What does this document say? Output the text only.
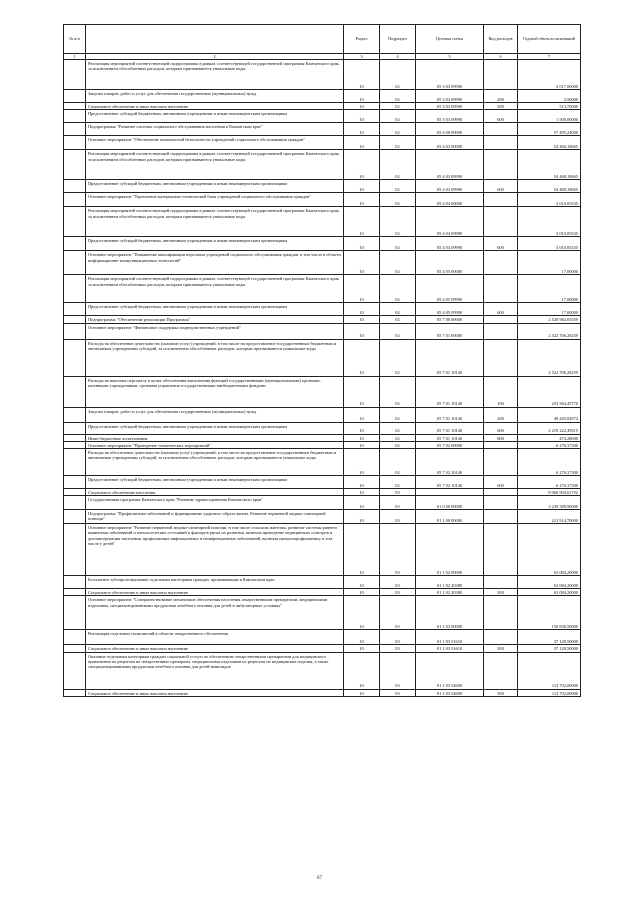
№ п/п		Раздел	Подраздел	Целевая статья	Вид расходов	Годовой объем ассигнований
1	2	3	4	5	6	7
	Реализация мероприятий соответствующей подпрограммы в рамках соответствующей государственной программы Камчатского края, за исключением обособленных расходов, которым присваиваются уникальные коды	10	02	05 3 03 09990		2 017,00000
	Закупка товаров, работ и услуг для обеспечения государственных (муниципальных) нужд	10	02	05 3 03 09990	200	3,50000
	Социальное обеспечение и иные выплаты населению	10	02	05 3 03 09990	300	513,70000
	Предоставление субсидий бюджетным, автономным учреждениям и иным некоммерческим организациям	10	02	05 3 03 09990	600	1 500,00000
	Подпрограмма "Развитие системы социального обслуживания населения в Камчатском крае"	10	02	05 4 00 00000		57 495,24000
	Основное мероприятие "Обеспечение комплексной безопасности учреждений социального обслуживания граждан"	10	02	05 4 03 00000		54 468,18665
	Реализация мероприятий соответствующей подпрограммы в рамках соответствующей государственной программы Камчатского края, за исключением обособленных расходов, которым присваиваются уникальные коды	10	02	05 4 03 09990		54 468,18665
	Предоставление субсидий бюджетным, автономным учреждениям и иным некоммерческим организациям	10	02	05 4 03 09990	600	54 468,18665
	Основное мероприятие "Укрепление материально-технической базы учреждений социального обслуживания граждан"	10	02	05 4 04 00000		3 010,05335
	Реализация мероприятий соответствующей подпрограммы в рамках соответствующей государственной программы Камчатского края, за исключением обособленных расходов, которым присваиваются уникальные коды	10	02	05 4 04 09990		3 010,05335
	Предоставление субсидий бюджетным, автономным учреждениям и иным некоммерческим организациям	10	02	05 4 04 09990	600	3 010,05335
	Основное мероприятие "Повышение квалификации персонала учреждений социального обслуживания граждан, в том числе в области информационно-коммуникационных технологий"	10	02	05 4 05 00000		17,00000
	Реализация мероприятий соответствующей подпрограммы в рамках соответствующей государственной программы Камчатского края, за исключением обособленных расходов, которым присваиваются уникальные коды	10	02	05 4 05 09990		17,00000
	Предоставление субсидий бюджетным, автономным учреждениям и иным некоммерческим организациям	10	02	05 4 05 09990	600	17,00000
	Подпрограмма "Обеспечение реализации Программы"	10	02	05 7 00 00000		2 528 982,65559
	Основное мероприятие "Финансовое поддержка подведомственных учреждений"	10	02	05 7 01 00000		2 522 706,28259
	Расходы на обеспечение деятельности (оказание услуг) учреждений, в том числе на предоставление государственным бюджетным и автономным учреждениям субсидий, за исключением обособленных расходов, которым присваиваются уникальные коды	10	02	05 7 01 10140		2 522 706,28259
	Расходы на выплаты персоналу в целях обеспечения выполнения функций государственными (муниципальными) органами, казенными учреждениями, органами управления государственными внебюджетными фондами	10	02	05 7 01 10140	100	253 564,45770
	Закупка товаров, работ и услуг для обеспечения государственных (муниципальных) нужд	10	02	05 7 01 10140	200	49 445,04974
	Предоставление субсидий бюджетным, автономным учреждениям и иным некоммерческим организациям	10	02	05 7 01 10140	600	2 219 222,49515
	Иные бюджетные ассигнования	10	02	05 7 01 10140	800	474,28000
	Основное мероприятие "Проведение тематических мероприятий"	10	02	05 7 02 00000		6 276,37300
	Расходы на обеспечение деятельности (оказание услуг) учреждений, в том числе на предоставление государственным бюджетным и автономным учреждениям субсидий, за исключением обособленных расходов, которым присваиваются уникальные коды	10	02	05 7 02 10140		6 276,37300
	Предоставление субсидий бюджетным, автономным учреждениям и иным некоммерческим организациям	10	02	05 7 02 10140	600	6 276,37300
	Социальное обеспечение населения	10	03			8 066 904,61752
	Государственная программа Камчатского края "Развитие здравоохранения Камчатского края"	10	03	01 0 00 00000		3 239 589,90000
	Подпрограмма "Профилактика заболеваний и формирование здорового образа жизни. Развитие первичной медико-санитарной помощи"	10	03	01 1 00 00000		213 914,70000
	Основное мероприятие "Развитие первичной медико-санитарной помощи, в том числе сельским жителям, развитие системы раннего выявления заболеваний и патологических состояний и факторов риска их развития, включая проведение медицинских осмотров и диспансеризации населения, профилактика инфекционных и неинфекционных заболеваний, включая иммунопрофилактику, в том числе у детей"	10	03	01 1 02 00000		63 084,20000
	Бесплатное зубопротезирование отдельным категориям граждан, проживающим в Камчатском крае	10	03	01 1 02 20380		63 084,20000
	Социальное обеспечение и иные выплаты населению	10	03	01 1 02 20380	300	63 084,20000
	Основное мероприятие "Совершенствование механизмов обеспечения населения лекарственными препаратами, медицинскими изделиями, специализированными продуктами лечебного питания для детей в амбулаторных условиях"	10	03	01 1 03 00000		150 830,50000
	Реализация отдельных полномочий в области лекарственного обеспечения	10	03	01 1 03 51610		37 128,50000
	Социальное обеспечение и иные выплаты населению	10	03	01 1 03 51610	300	37 128,50000
	Оказание отдельным категориям граждан социальной услуги по обеспечению лекарственными препаратами для медицинского применения по рецептам на лекарственные препараты, медицинскими изделиями по рецептам на медицинские изделия, а также специализированными продуктами лечебного питания для детей-инвалидов	10	03	01 1 03 54600		113 702,00000
	Социальное обеспечение и иные выплаты населению	10	03	01 1 03 54600	300	113 702,00000
67
